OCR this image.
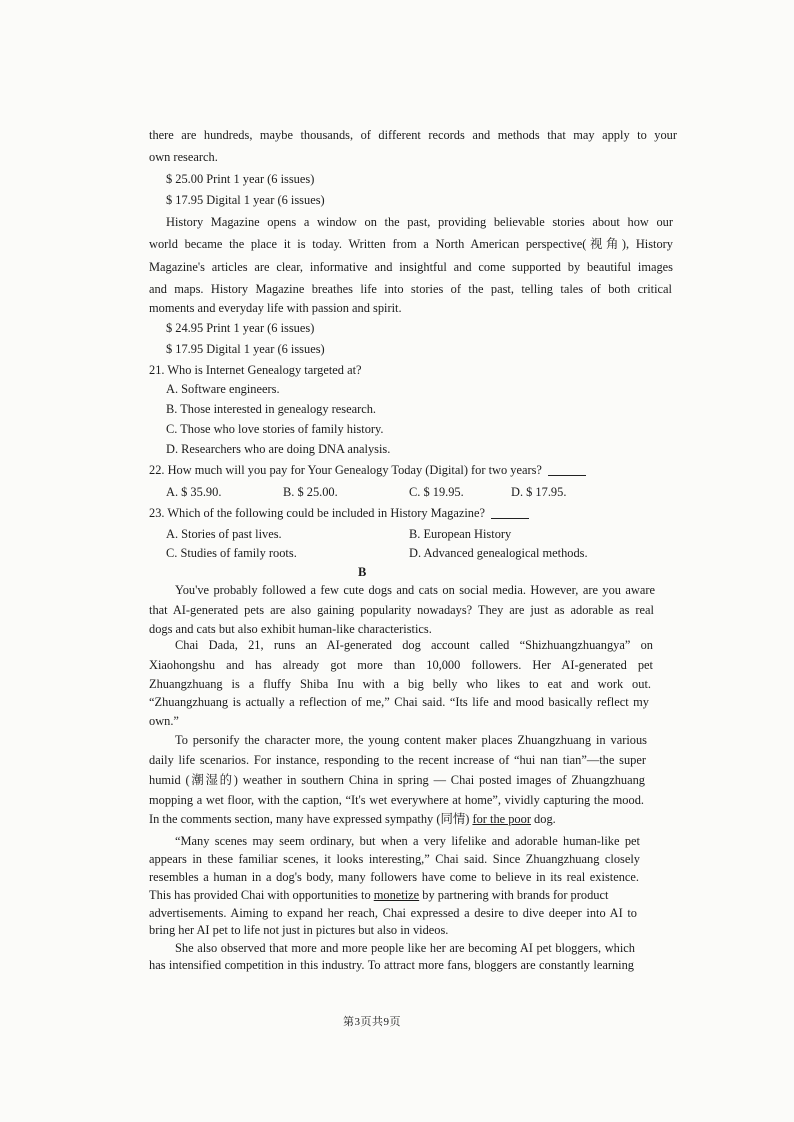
there are hundreds, maybe thousands, of different records and methods that may apply to your
own research.
$ 25.00 Print 1 year (6 issues)
$ 17.95 Digital 1 year (6 issues)
History Magazine opens a window on the past, providing believable stories about how our
world became the place it is today. Written from a North American perspective(视角), History
Magazine's articles are clear, informative and insightful and come supported by beautiful images
and maps. History Magazine breathes life into stories of the past, telling tales of both critical
moments and everyday life with passion and spirit.
$ 24.95 Print 1 year (6 issues)
$ 17.95 Digital 1 year (6 issues)
21. Who is Internet Genealogy targeted at?
A. Software engineers.
B. Those interested in genealogy research.
C. Those who love stories of family history.
D. Researchers who are doing DNA analysis.
22. How much will you pay for Your Genealogy Today (Digital) for two years?
A. $ 35.90.	B. $ 25.00.	C. $ 19.95.	D. $ 17.95.
23. Which of the following could be included in History Magazine?
A. Stories of past lives.	B. European History
C. Studies of family roots.	D. Advanced genealogical methods.
B
You've probably followed a few cute dogs and cats on social media. However, are you aware
that AI-generated pets are also gaining popularity nowadays? They are just as adorable as real
dogs and cats but also exhibit human-like characteristics.
Chai Dada, 21, runs an AI-generated dog account called “Shizhuangzhuangya” on
Xiaohongshu and has already got more than 10,000 followers. Her AI-generated pet
Zhuangzhuang is a fluffy Shiba Inu with a big belly who likes to eat and work out.
“Zhuangzhuang is actually a reflection of me,” Chai said. “Its life and mood basically reflect my
own.”
To personify the character more, the young content maker places Zhuangzhuang in various
daily life scenarios. For instance, responding to the recent increase of “hui nan tian”—the super
humid (潮湿的) weather in southern China in spring — Chai posted images of Zhuangzhuang
mopping a wet floor, with the caption, “It's wet everywhere at home”, vividly capturing the mood.
In the comments section, many have expressed sympathy (同情) for the poor dog.
“Many scenes may seem ordinary, but when a very lifelike and adorable human-like pet
appears in these familiar scenes, it looks interesting,” Chai said. Since Zhuangzhuang closely
resembles a human in a dog's body, many followers have come to believe in its real existence.
This has provided Chai with opportunities to monetize by partnering with brands for product
advertisements. Aiming to expand her reach, Chai expressed a desire to dive deeper into AI to
bring her AI pet to life not just in pictures but also in videos.
She also observed that more and more people like her are becoming AI pet bloggers, which
has intensified competition in this industry. To attract more fans, bloggers are constantly learning
第3页共9页
